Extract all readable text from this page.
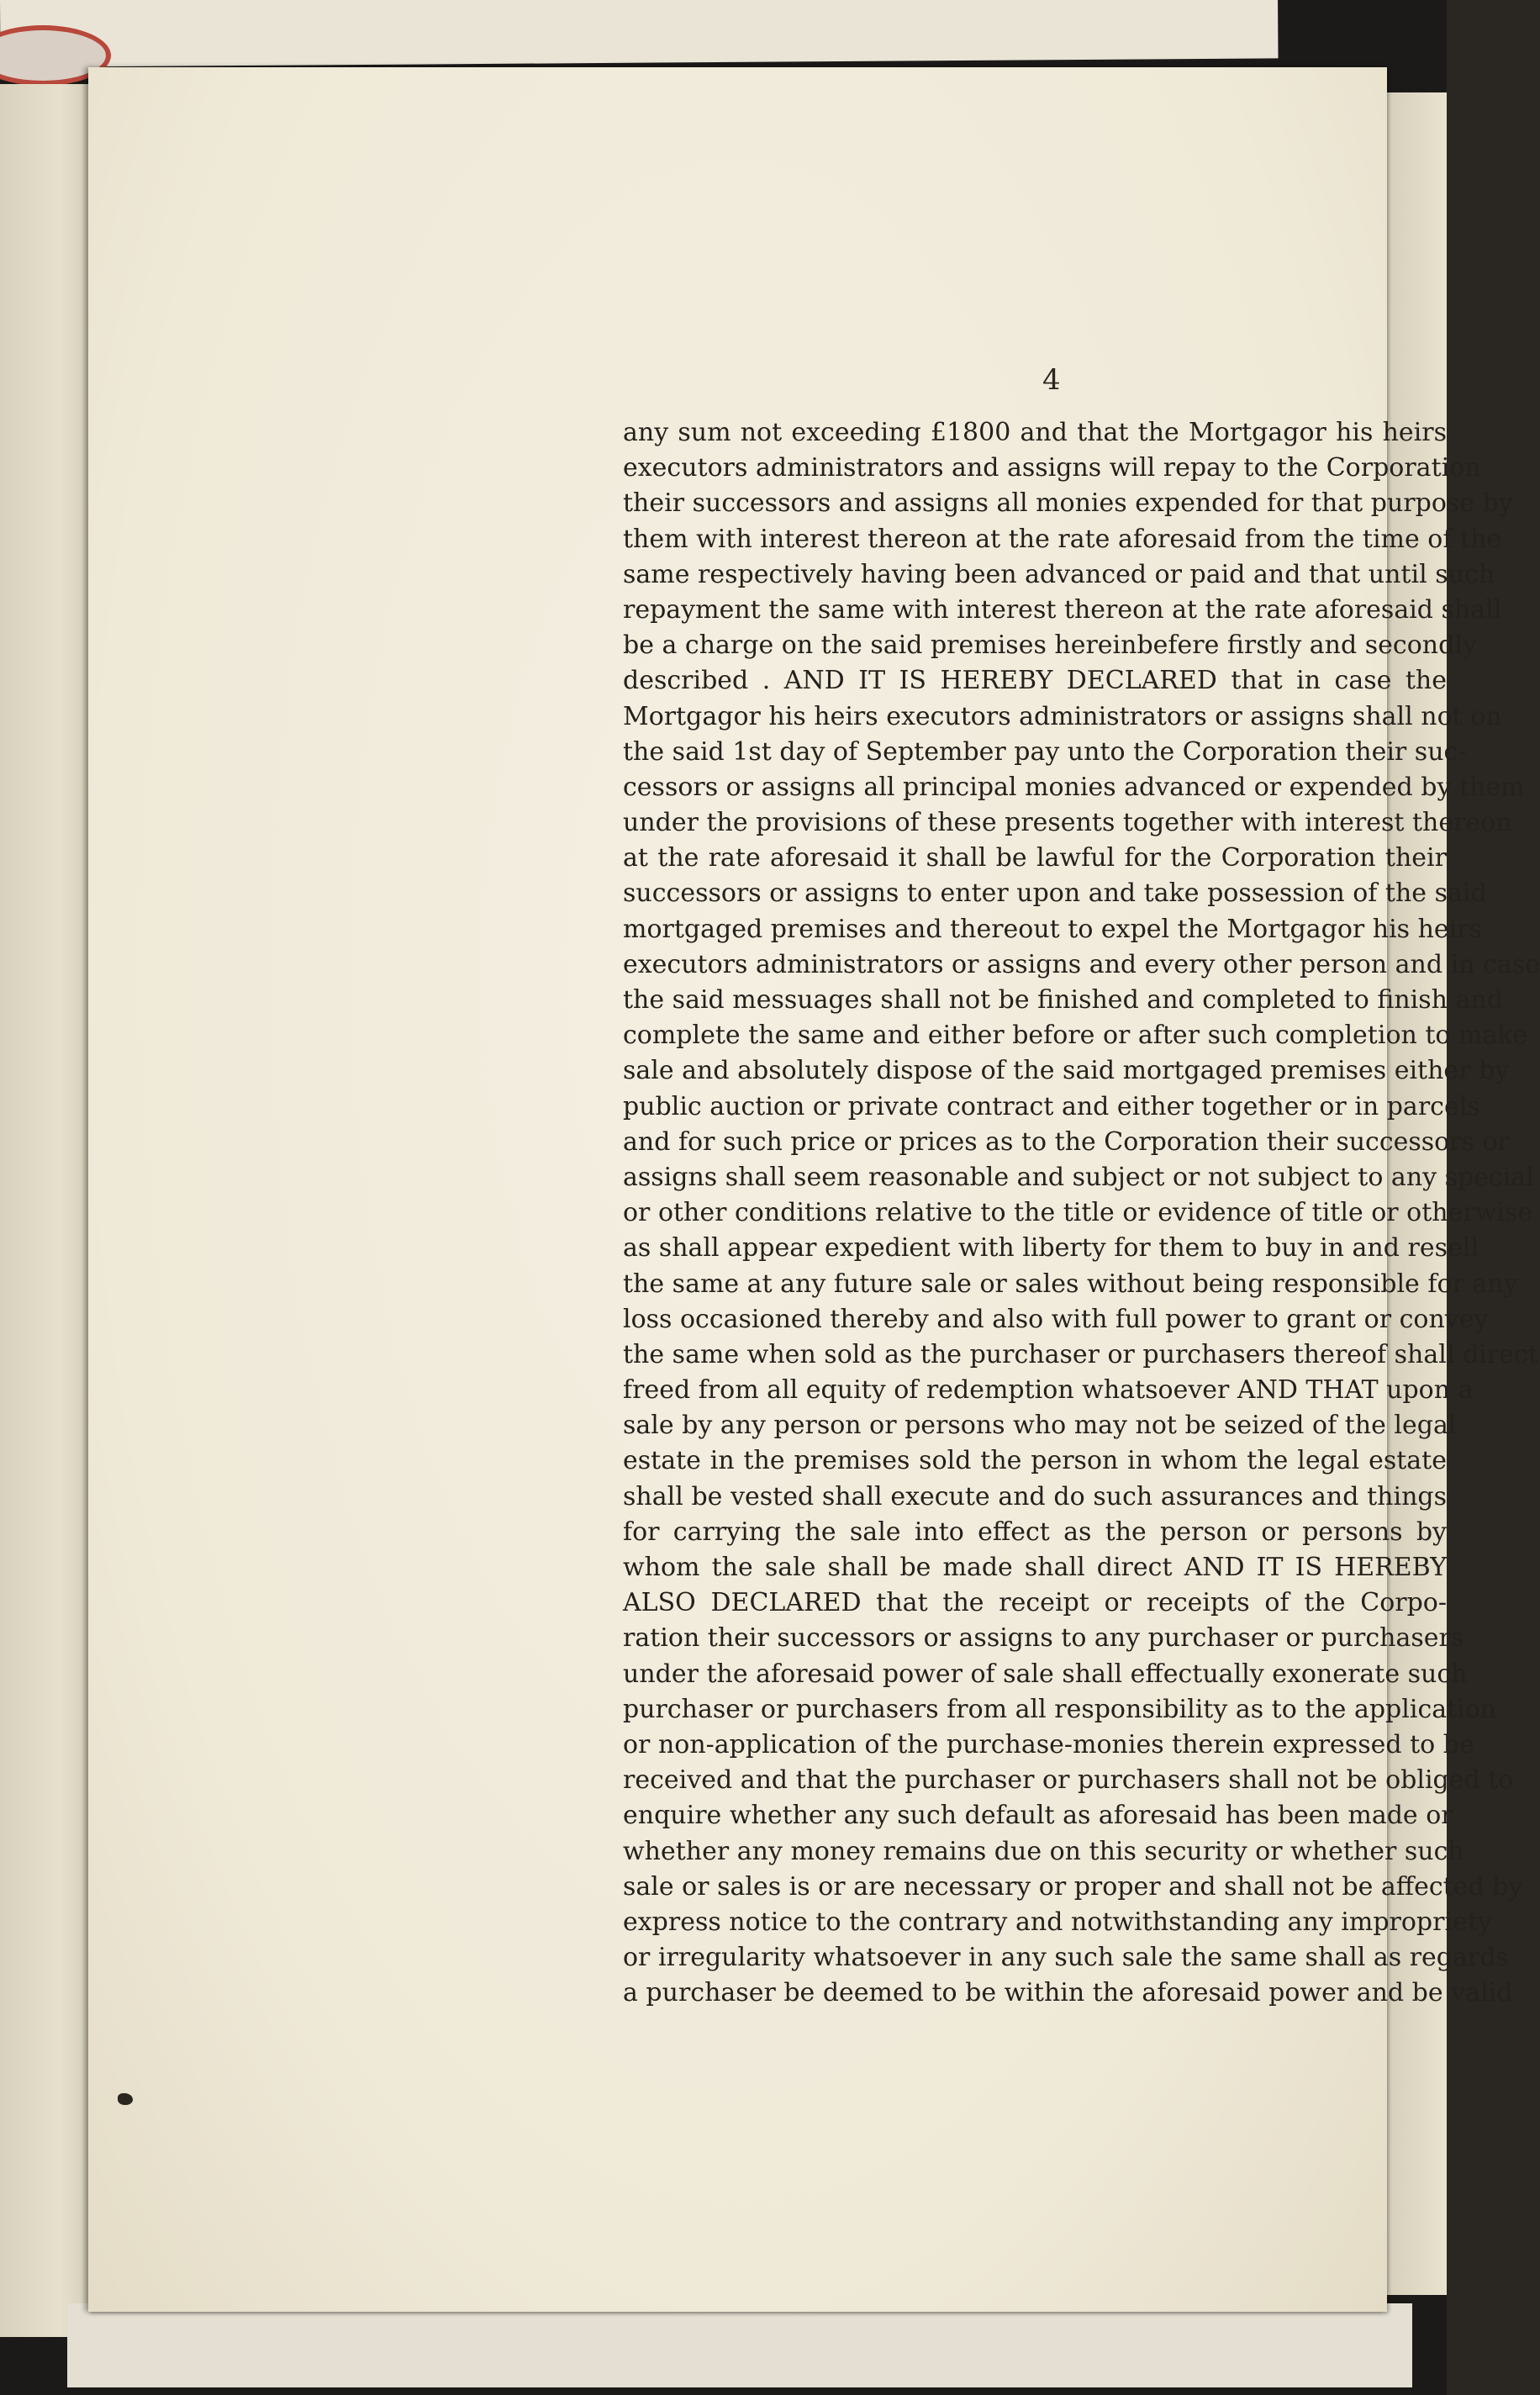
4
any sum not exceeding £1800 and that the Mortgagor his heirs
executors administrators and assigns will repay to the Corporation
their successors and assigns all monies expended for that purpose by
them with interest thereon at the rate aforesaid from the time of the
same respectively having been advanced or paid and that until such
repayment the same with interest thereon at the rate aforesaid shall
be a charge on the said premises hereinbefere firstly and secondly
described . AND IT IS HEREBY DECLARED that in case the
Mortgagor his heirs executors administrators or assigns shall not on
the said 1st day of September pay unto the Corporation their suc-
cessors or assigns all principal monies advanced or expended by them
under the provisions of these presents together with interest thereon
at the rate aforesaid it shall be lawful for the Corporation their
successors or assigns to enter upon and take possession of the said
mortgaged premises and thereout to expel the Mortgagor his heirs
executors administrators or assigns and every other person and in case
the said messuages shall not be finished and completed to finish and
complete the same and either before or after such completion to make
sale and absolutely dispose of the said mortgaged premises either by
public auction or private contract and either together or in parcels
and for such price or prices as to the Corporation their successors or
assigns shall seem reasonable and subject or not subject to any special
or other conditions relative to the title or evidence of title or otherwise
as shall appear expedient with liberty for them to buy in and resell
the same at any future sale or sales without being responsible for any
loss occasioned thereby and also with full power to grant or convey
the same when sold as the purchaser or purchasers thereof shall direct
freed from all equity of redemption whatsoever AND THAT upon a
sale by any person or persons who may not be seized of the legal
estate in the premises sold the person in whom the legal estate
shall be vested shall execute and do such assurances and things
for carrying the sale into effect as the person or persons by
whom the sale shall be made shall direct AND IT IS HEREBY
ALSO DECLARED that the receipt or receipts of the Corpo-
ration their successors or assigns to any purchaser or purchasers
under the aforesaid power of sale shall effectually exonerate such
purchaser or purchasers from all responsibility as to the application
or non-application of the purchase-monies therein expressed to be
received and that the purchaser or purchasers shall not be obliged to
enquire whether any such default as aforesaid has been made or
whether any money remains due on this security or whether such
sale or sales is or are necessary or proper and shall not be affected by
express notice to the contrary and notwithstanding any impropriety
or irregularity whatsoever in any such sale the same shall as regards
a purchaser be deemed to be within the aforesaid power and be valid
